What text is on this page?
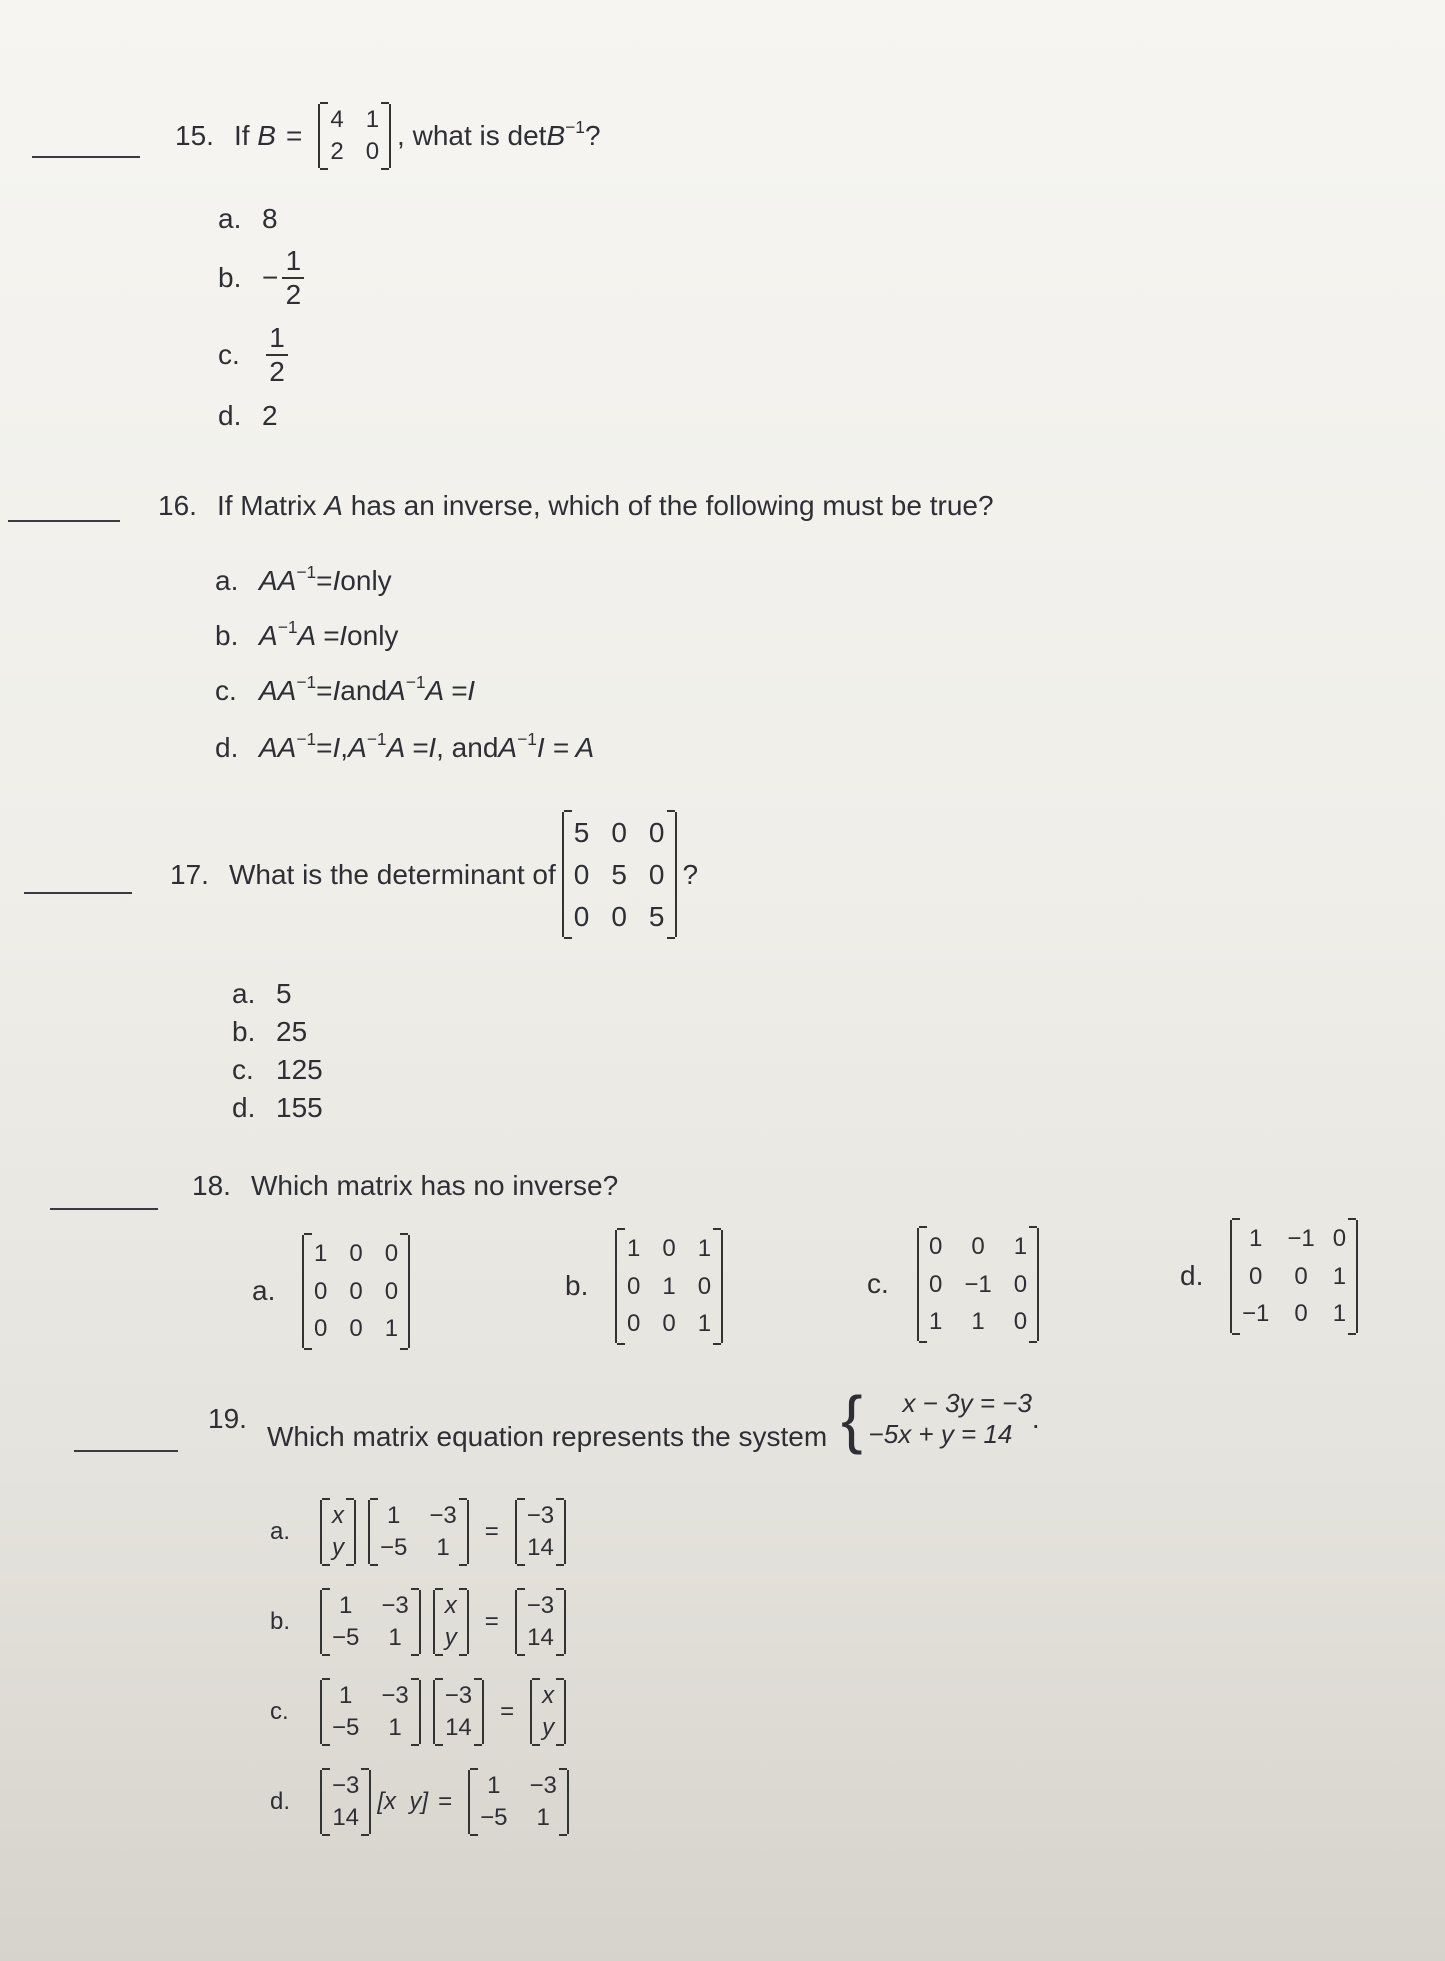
15. If
B =
4 1
2 0
, what is $\det B^{-1}$ ?
a. 8
b. − $\frac{1}{2}$
c. $\frac{1}{2}$
d. 2
16. If Matrix
A
has an inverse, which of the following must be true?
a. $AA^{-1} = I$ only
b. $A^{-1}$ A = I only
c. $AA^{-1} = I$ and $A^{-1}$ A = I
d. $AA^{-1} = I$ , $A^{-1}$ A = I , and $A^{-1}$ I = A
17. What is the determinant of
5 0 0
0 5 0
0 0 5
?
a. 5
b. 25
c. 125
d. 155
18. Which matrix has no inverse?
a.
1 0 0
0 0 0
0 0 1
b.
1 0 1
0 1 0
0 0 1
c.
0 0 1
0 −1 0
1 1 0
d.
1 −1 0
0 0 1
−1 0 1
19.
Which matrix equation represents the system {	x − 3y = −3
−5x + y = 14 .
a.
x
y
1 −3
−5 1
=
−3
14
b.
1 −3
−5 1
x
y
=
−3
14
c.
1 −3
−5 1
−3
14
=
x
y
d.
−3
14
[x y] =
1 −3
−5 1
